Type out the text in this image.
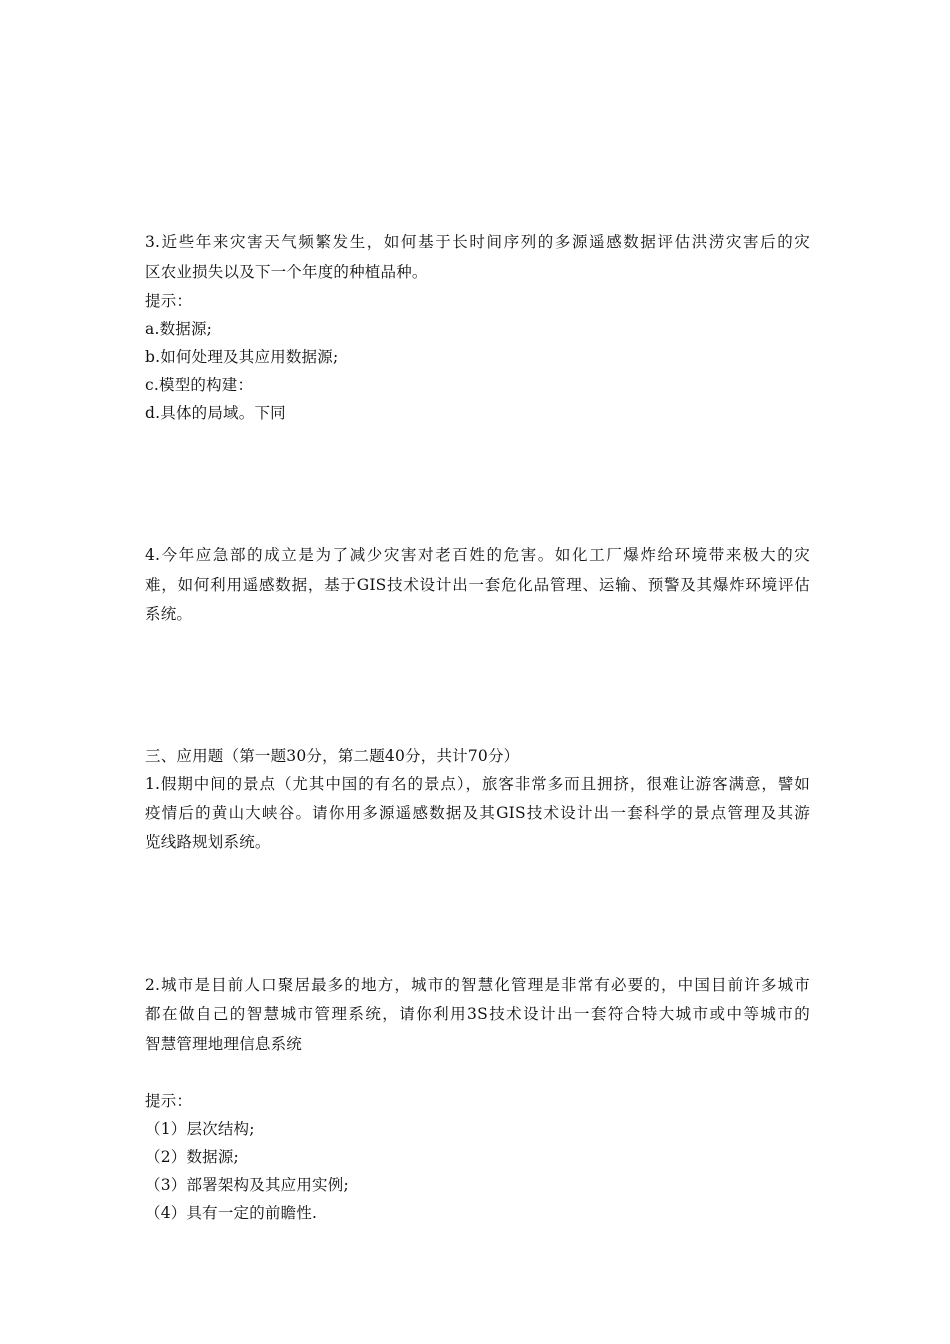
3.近些年来灾害天气频繁发生，如何基于长时间序列的多源遥感数据评估洪涝灾害后的灾
区农业损失以及下一个年度的种植品种。
提示：
a.数据源;
b.如何处理及其应用数据源;
c.模型的构建：
d.具体的局域。下同
4.今年应急部的成立是为了减少灾害对老百姓的危害。如化工厂爆炸给环境带来极大的灾
难，如何利用遥感数据，基于GIS技术设计出一套危化品管理、运输、预警及其爆炸环境评估
系统。
三、应用题（第一题30分，第二题40分，共计70分）
1.假期中间的景点（尤其中国的有名的景点），旅客非常多而且拥挤，很难让游客满意，譬如
疫情后的黄山大峡谷。请你用多源遥感数据及其GIS技术设计出一套科学的景点管理及其游
览线路规划系统。
2.城市是目前人口聚居最多的地方，城市的智慧化管理是非常有必要的，中国目前许多城市
都在做自己的智慧城市管理系统，请你利用3S技术设计出一套符合特大城市或中等城市的
智慧管理地理信息系统
提示：
（1）层次结构;
（2）数据源;
（3）部署架构及其应用实例;
（4）具有一定的前瞻性.
